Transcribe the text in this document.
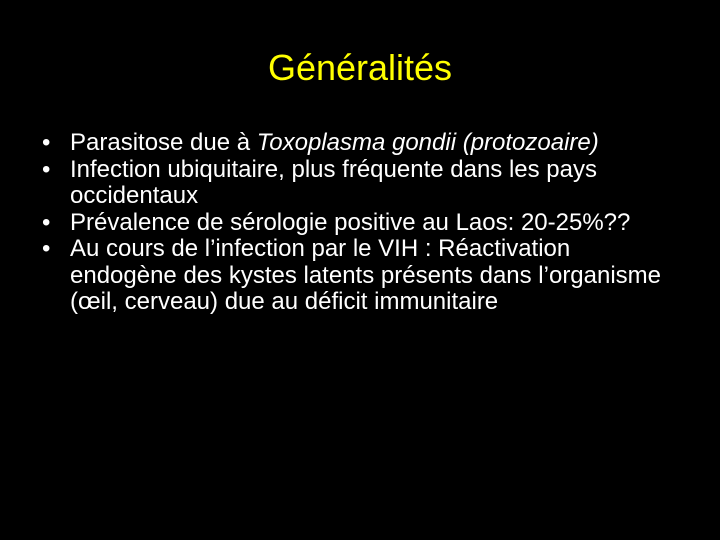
Généralités
• Parasitose due à Toxoplasma gondii (protozoaire)
• Infection ubiquitaire, plus fréquente dans les pays occidentaux
• Prévalence de sérologie positive au Laos: 20-25%??
• Au cours de l’infection par le VIH : Réactivation endogène des kystes latents présents dans l’organisme (œil, cerveau) due au déficit immunitaire
